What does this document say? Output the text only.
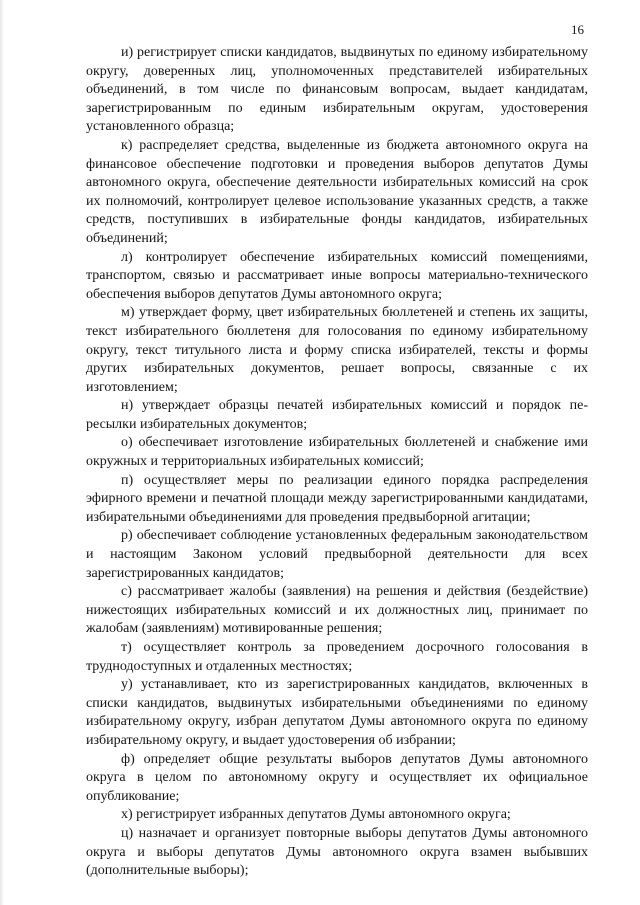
16

и) регистрирует списки кандидатов, выдвинутых по единому избирательному округу, доверенных лиц, уполномоченных представителей избирательных объединений, в том числе по финансовым вопросам, выдает кандидатам, зарегистрированным по единым избирательным округам, удостоверения установленного образца;

к) распределяет средства, выделенные из бюджета автономного округа на финансовое обеспечение подготовки и проведения выборов депутатов Думы автономного округа, обеспечение деятельности избирательных комиссий на срок их полномочий, контролирует целевое использование указанных средств, а также средств, поступивших в избирательные фонды кандидатов, избирательных объединений;

л) контролирует обеспечение избирательных комиссий помещениями, транспортом, связью и рассматривает иные вопросы материально-технического обеспечения выборов депутатов Думы автономного округа;

м) утверждает форму, цвет избирательных бюллетеней и степень их защиты, текст избирательного бюллетеня для голосования по единому избирательному округу, текст титульного листа и форму списка избирателей, тексты и формы других избирательных документов, решает вопросы, связанные с их изготовлением;

н) утверждает образцы печатей избирательных комиссий и порядок пересылки избирательных документов;

о) обеспечивает изготовление избирательных бюллетеней и снабжение ими окружных и территориальных избирательных комиссий;

п) осуществляет меры по реализации единого порядка распределения эфирного времени и печатной площади между зарегистрированными кандидатами, избирательными объединениями для проведения предвыборной агитации;

р) обеспечивает соблюдение установленных федеральным законодательством и настоящим Законом условий предвыборной деятельности для всех зарегистрированных кандидатов;

с) рассматривает жалобы (заявления) на решения и действия (бездействие) нижестоящих избирательных комиссий и их должностных лиц, принимает по жалобам (заявлениям) мотивированные решения;

т) осуществляет контроль за проведением досрочного голосования в труднодоступных и отдаленных местностях;

у) устанавливает, кто из зарегистрированных кандидатов, включенных в списки кандидатов, выдвинутых избирательными объединениями по единому избирательному округу, избран депутатом Думы автономного округа по единому избирательному округу, и выдает удостоверения об избрании;

ф) определяет общие результаты выборов депутатов Думы автономного округа в целом по автономному округу и осуществляет их официальное опубликование;

х) регистрирует избранных депутатов Думы автономного округа;

ц) назначает и организует повторные выборы депутатов Думы автономного округа и выборы депутатов Думы автономного округа взамен выбывших (дополнительные выборы);
